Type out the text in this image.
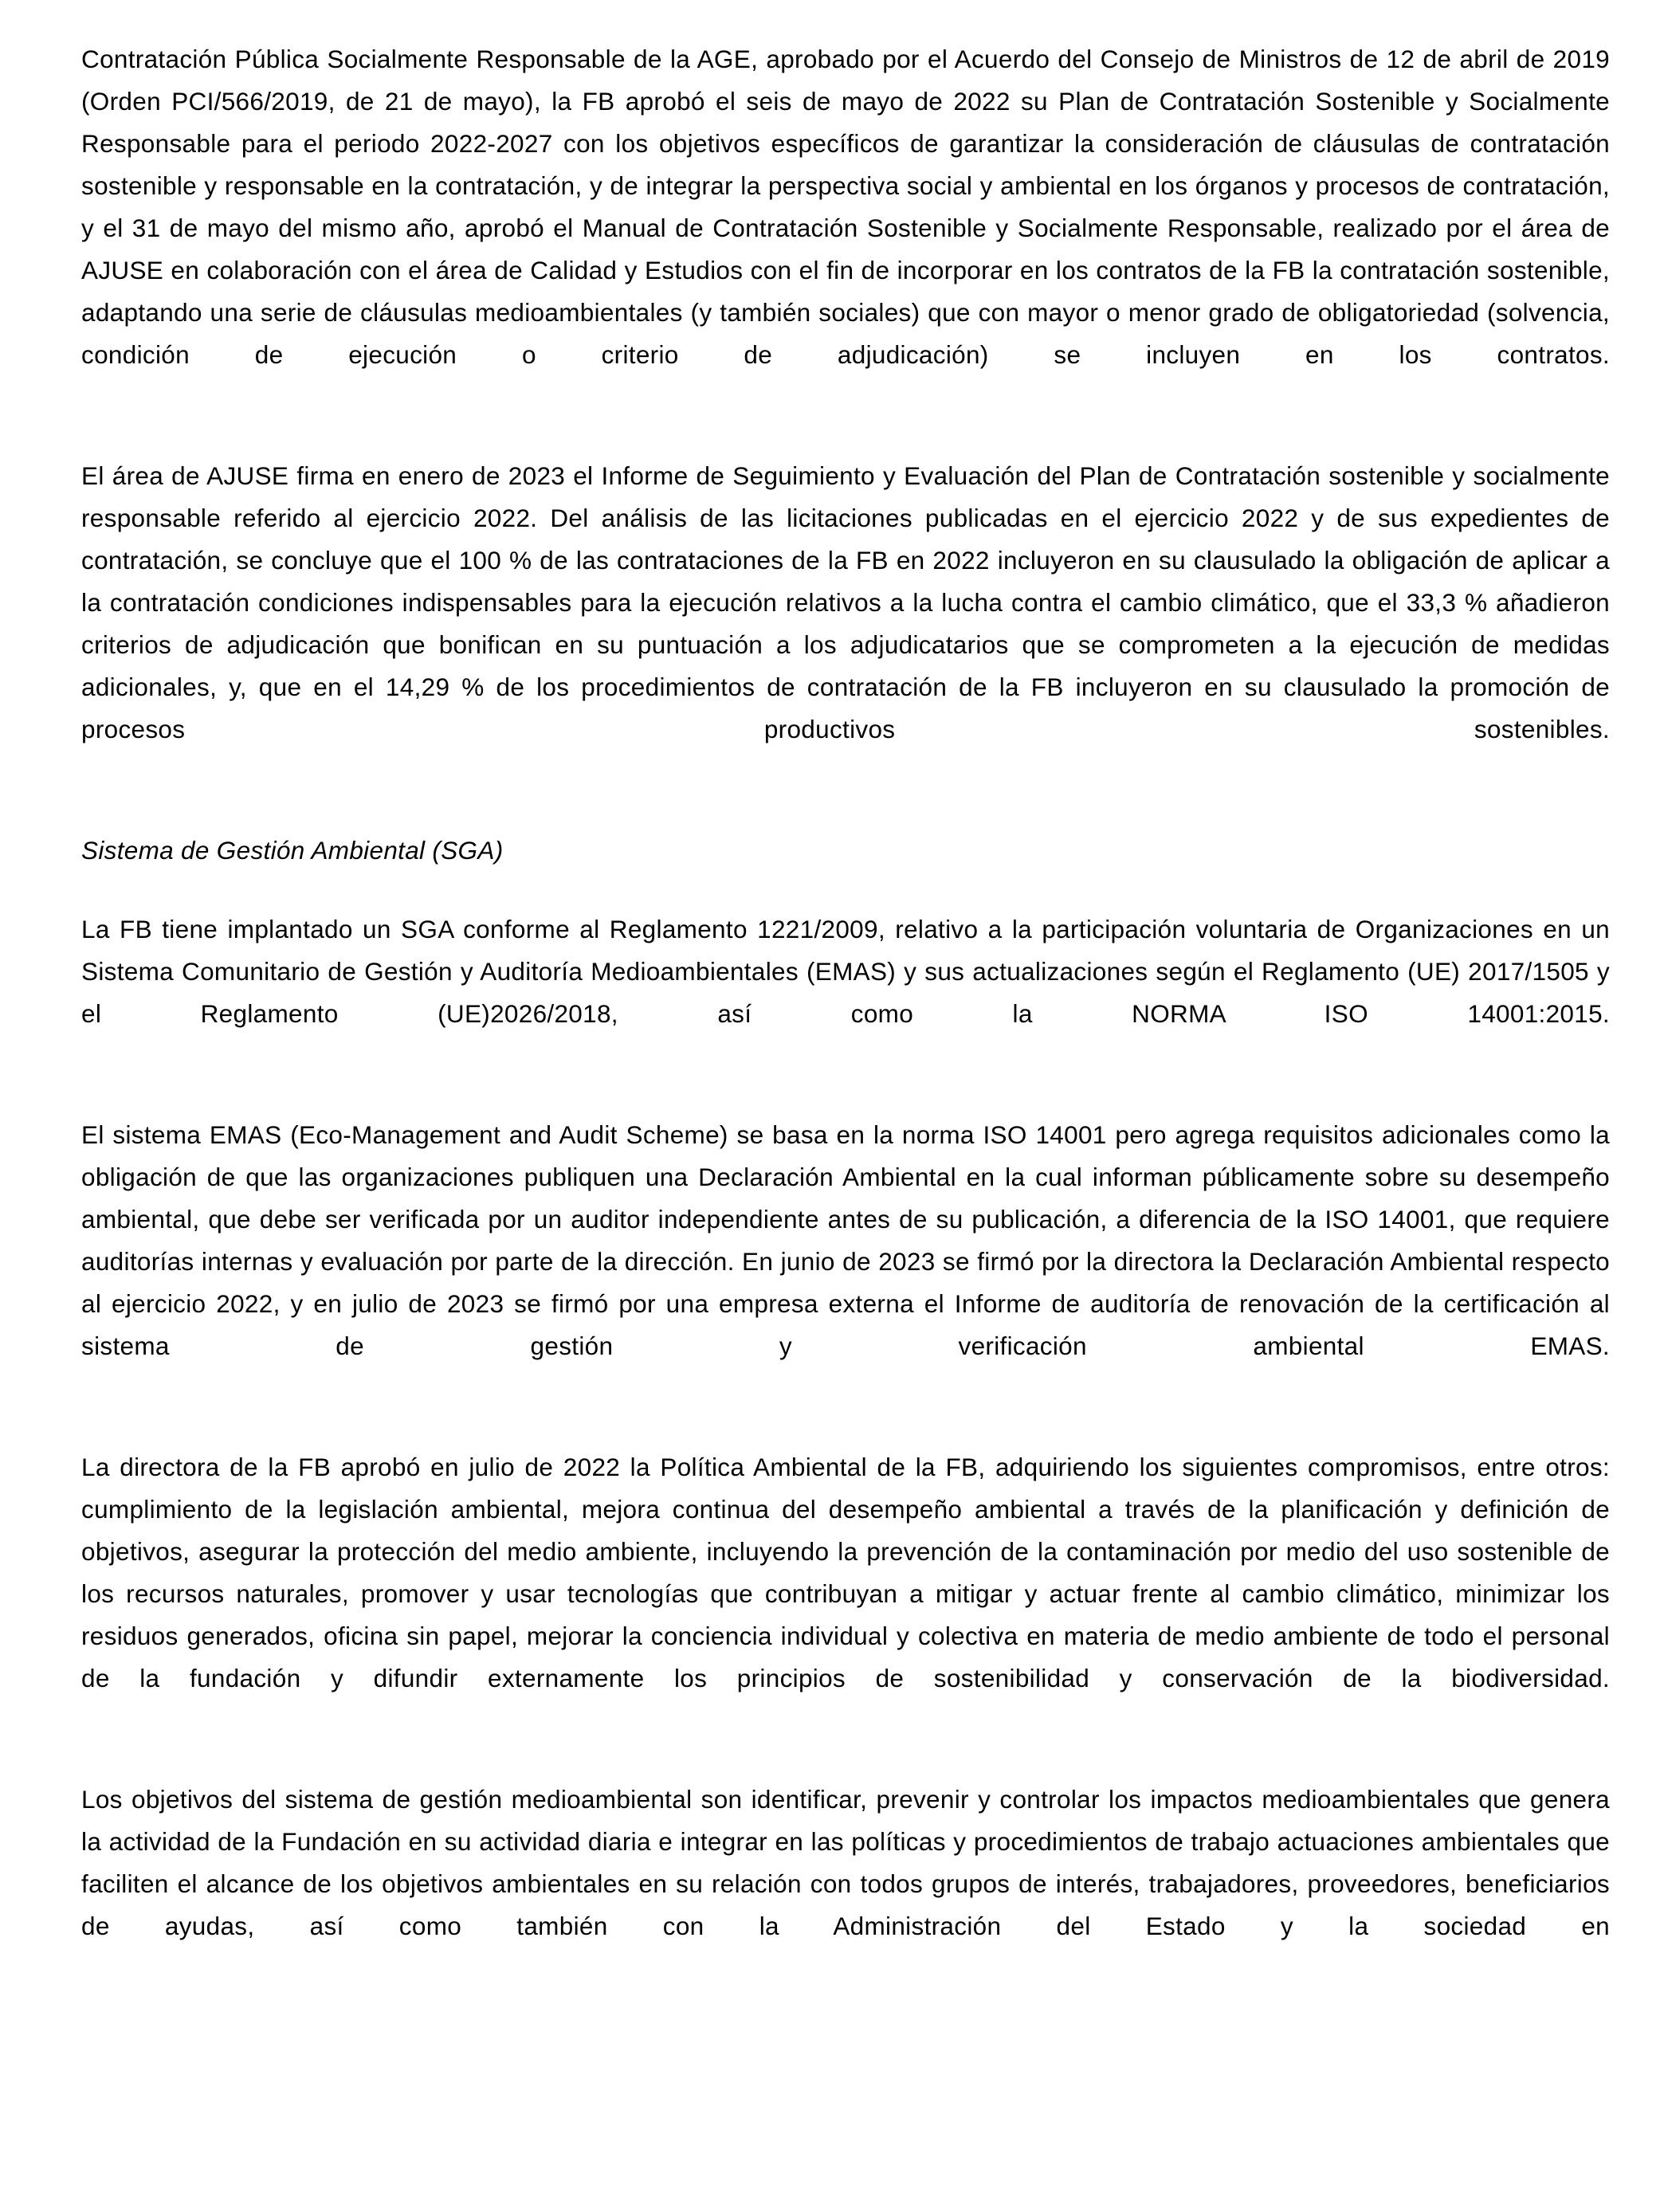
Contratación Pública Socialmente Responsable de la AGE, aprobado por el Acuerdo del Consejo de Ministros de 12 de abril de 2019 (Orden PCI/566/2019, de 21 de mayo), la FB aprobó el seis de mayo de 2022 su Plan de Contratación Sostenible y Socialmente Responsable para el periodo 2022-2027 con los objetivos específicos de garantizar la consideración de cláusulas de contratación sostenible y responsable en la contratación, y de integrar la perspectiva social y ambiental en los órganos y procesos de contratación, y el 31 de mayo del mismo año, aprobó el Manual de Contratación Sostenible y Socialmente Responsable, realizado por el área de AJUSE en colaboración con el área de Calidad y Estudios con el fin de incorporar en los contratos de la FB la contratación sostenible, adaptando una serie de cláusulas medioambientales (y también sociales) que con mayor o menor grado de obligatoriedad (solvencia, condición de ejecución o criterio de adjudicación) se incluyen en los contratos.

El área de AJUSE firma en enero de 2023 el Informe de Seguimiento y Evaluación del Plan de Contratación sostenible y socialmente responsable referido al ejercicio 2022. Del análisis de las licitaciones publicadas en el ejercicio 2022 y de sus expedientes de contratación, se concluye que el 100 % de las contrataciones de la FB en 2022 incluyeron en su clausulado la obligación de aplicar a la contratación condiciones indispensables para la ejecución relativos a la lucha contra el cambio climático, que el 33,3 % añadieron criterios de adjudicación que bonifican en su puntuación a los adjudicatarios que se comprometen a la ejecución de medidas adicionales, y, que en el 14,29 % de los procedimientos de contratación de la FB incluyeron en su clausulado la promoción de procesos productivos sostenibles.

Sistema de Gestión Ambiental (SGA)

La FB tiene implantado un SGA conforme al Reglamento 1221/2009, relativo a la participación voluntaria de Organizaciones en un Sistema Comunitario de Gestión y Auditoría Medioambientales (EMAS) y sus actualizaciones según el Reglamento (UE) 2017/1505 y el Reglamento (UE)2026/2018, así como la NORMA ISO 14001:2015.

El sistema EMAS (Eco-Management and Audit Scheme) se basa en la norma ISO 14001 pero agrega requisitos adicionales como la obligación de que las organizaciones publiquen una Declaración Ambiental en la cual informan públicamente sobre su desempeño ambiental, que debe ser verificada por un auditor independiente antes de su publicación, a diferencia de la ISO 14001, que requiere auditorías internas y evaluación por parte de la dirección. En junio de 2023 se firmó por la directora la Declaración Ambiental respecto al ejercicio 2022, y en julio de 2023 se firmó por una empresa externa el Informe de auditoría de renovación de la certificación al sistema de gestión y verificación ambiental EMAS.

La directora de la FB aprobó en julio de 2022 la Política Ambiental de la FB, adquiriendo los siguientes compromisos, entre otros: cumplimiento de la legislación ambiental, mejora continua del desempeño ambiental a través de la planificación y definición de objetivos, asegurar la protección del medio ambiente, incluyendo la prevención de la contaminación por medio del uso sostenible de los recursos naturales, promover y usar tecnologías que contribuyan a mitigar y actuar frente al cambio climático, minimizar los residuos generados, oficina sin papel, mejorar la conciencia individual y colectiva en materia de medio ambiente de todo el personal de la fundación y difundir externamente los principios de sostenibilidad y conservación de la biodiversidad.

Los objetivos del sistema de gestión medioambiental son identificar, prevenir y controlar los impactos medioambientales que genera la actividad de la Fundación en su actividad diaria e integrar en las políticas y procedimientos de trabajo actuaciones ambientales que faciliten el alcance de los objetivos ambientales en su relación con todos grupos de interés, trabajadores, proveedores, beneficiarios de ayudas, así como también con la Administración del Estado y la sociedad en
